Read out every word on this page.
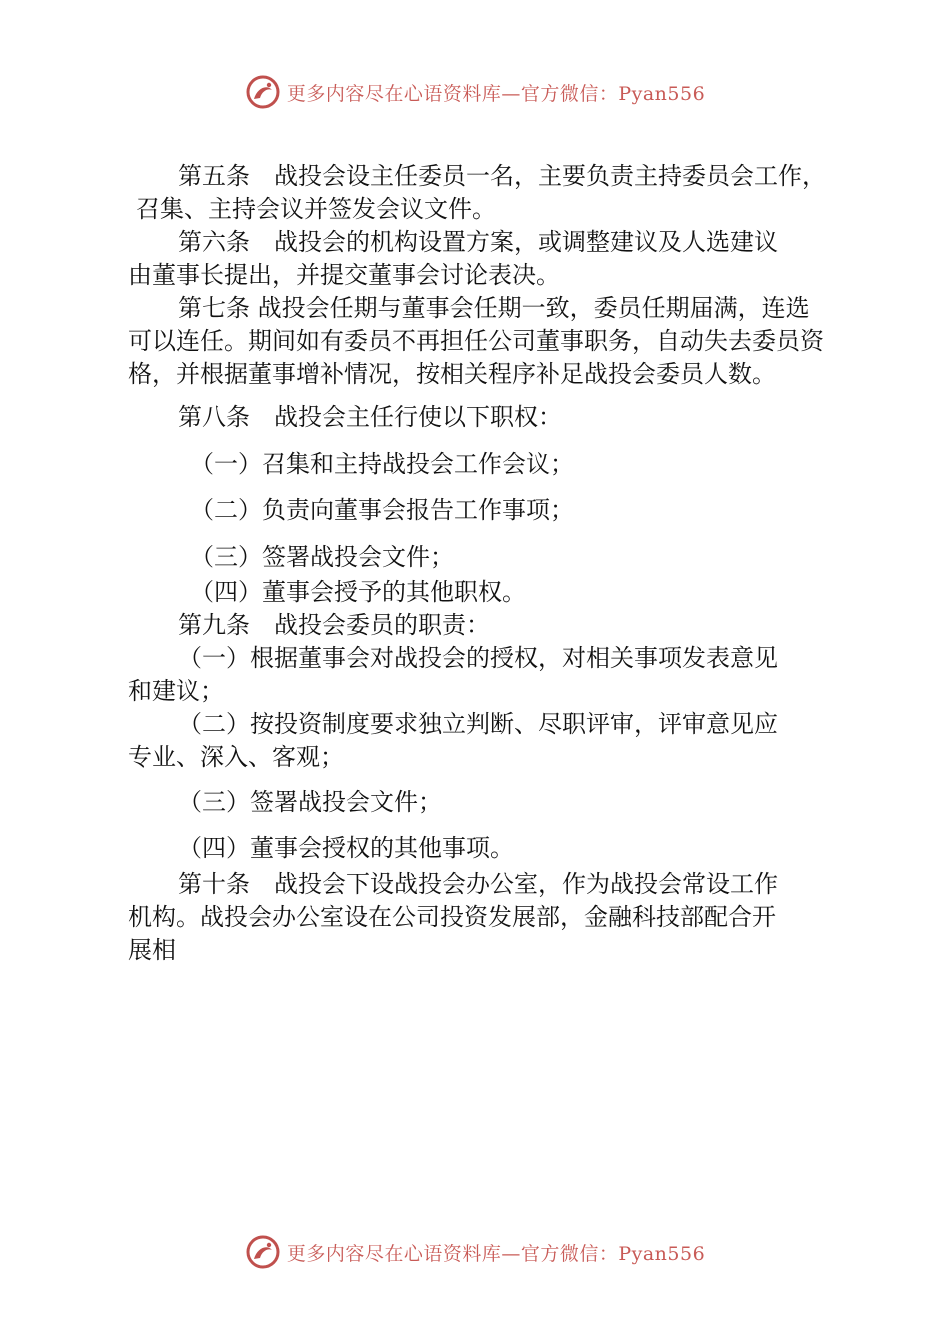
更多内容尽在心语资料库—官方微信：Pyan556
第五条　战投会设主任委员一名，主要负责主持委员会工作，
召集、主持会议并签发会议文件。
第六条　战投会的机构设置方案，或调整建议及人选建议
由董事长提出，并提交董事会讨论表决。
第七条 战投会任期与董事会任期一致，委员任期届满，连选
可以连任。期间如有委员不再担任公司董事职务，自动失去委员资
格，并根据董事增补情况，按相关程序补足战投会委员人数。
第八条　战投会主任行使以下职权：
（一）召集和主持战投会工作会议；
（二）负责向董事会报告工作事项；
（三）签署战投会文件；
（四）董事会授予的其他职权。
第九条　战投会委员的职责：
（一）根据董事会对战投会的授权，对相关事项发表意见
和建议；
（二）按投资制度要求独立判断、尽职评审，评审意见应
专业、深入、客观；
（三）签署战投会文件；
（四）董事会授权的其他事项。
第十条　战投会下设战投会办公室，作为战投会常设工作
机构。战投会办公室设在公司投资发展部，金融科技部配合开
展相
更多内容尽在心语资料库—官方微信：Pyan556
